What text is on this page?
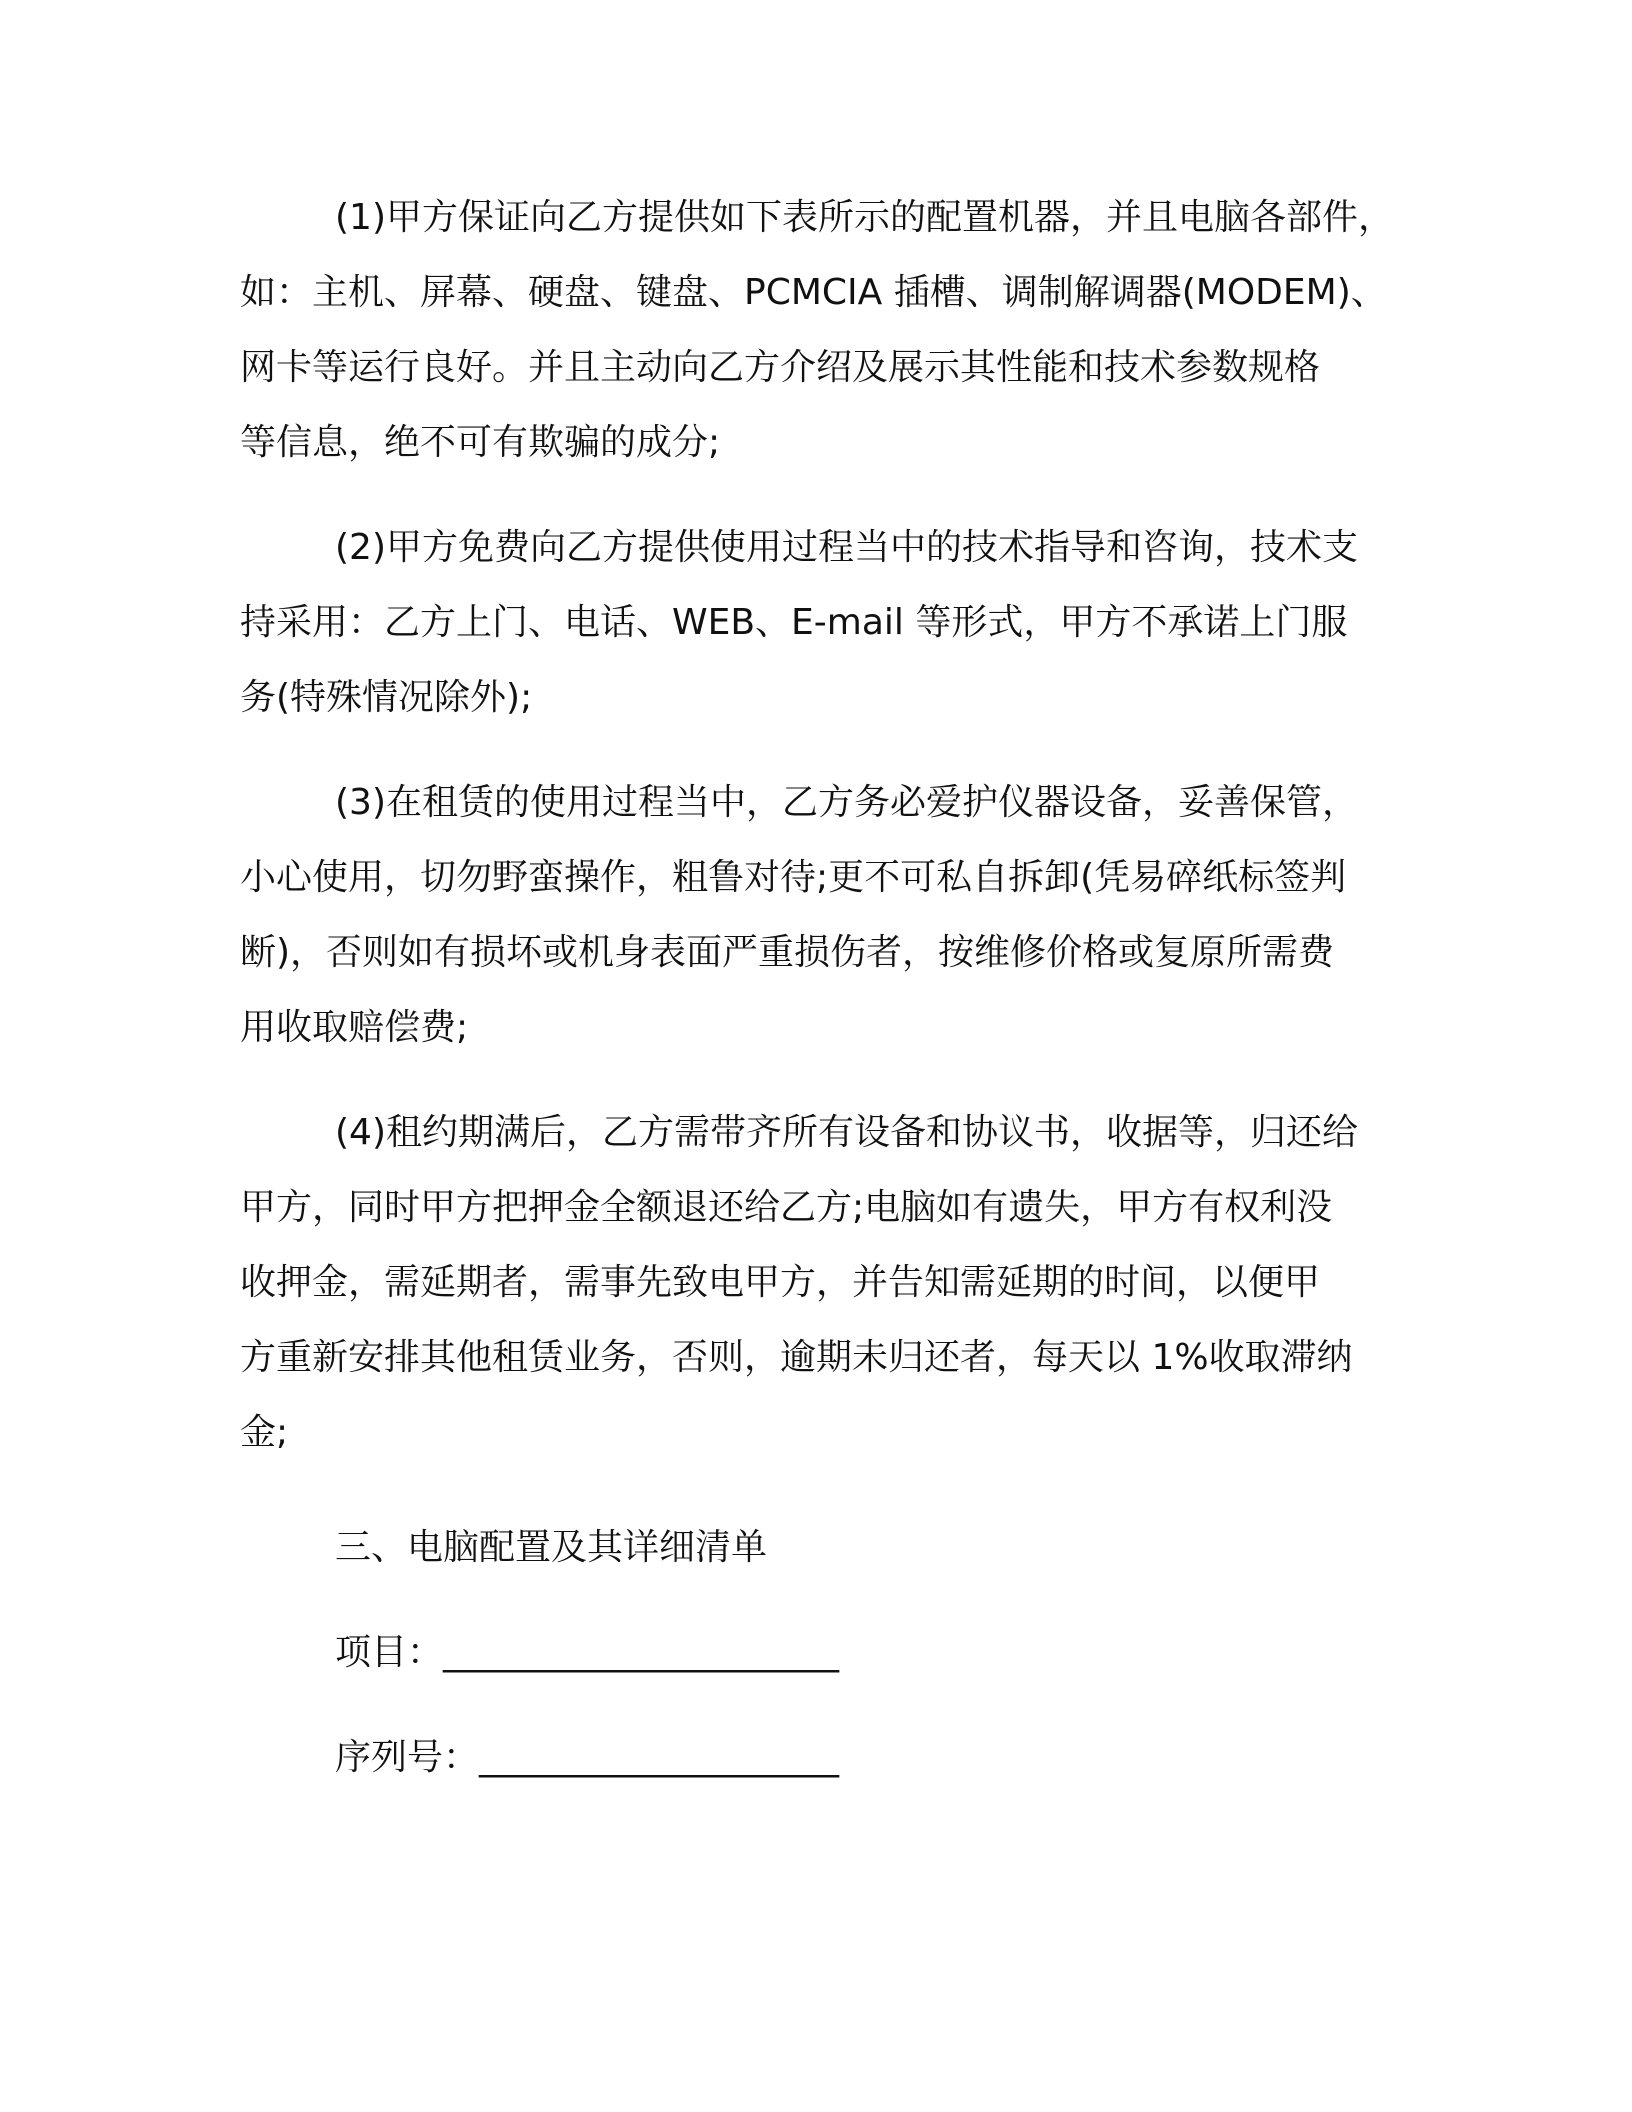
(1)甲方保证向乙方提供如下表所示的配置机器，并且电脑各部件，
如：主机、屏幕、硬盘、键盘、PCMCIA 插槽、调制解调器(MODEM)、
网卡等运行良好。并且主动向乙方介绍及展示其性能和技术参数规格
等信息，绝不可有欺骗的成分;
(2)甲方免费向乙方提供使用过程当中的技术指导和咨询，技术支
持采用：乙方上门、电话、WEB、E-mail 等形式，甲方不承诺上门服
务(特殊情况除外);
(3)在租赁的使用过程当中，乙方务必爱护仪器设备，妥善保管，
小心使用，切勿野蛮操作，粗鲁对待;更不可私自拆卸(凭易碎纸标签判
断)，否则如有损坏或机身表面严重损伤者，按维修价格或复原所需费
用收取赔偿费;
(4)租约期满后，乙方需带齐所有设备和协议书，收据等，归还给
甲方，同时甲方把押金全额退还给乙方;电脑如有遗失，甲方有权利没
收押金，需延期者，需事先致电甲方，并告知需延期的时间，以便甲
方重新安排其他租赁业务，否则，逾期未归还者，每天以 1%收取滞纳
金;
三、电脑配置及其详细清单
项目：______________________
序列号：____________________
